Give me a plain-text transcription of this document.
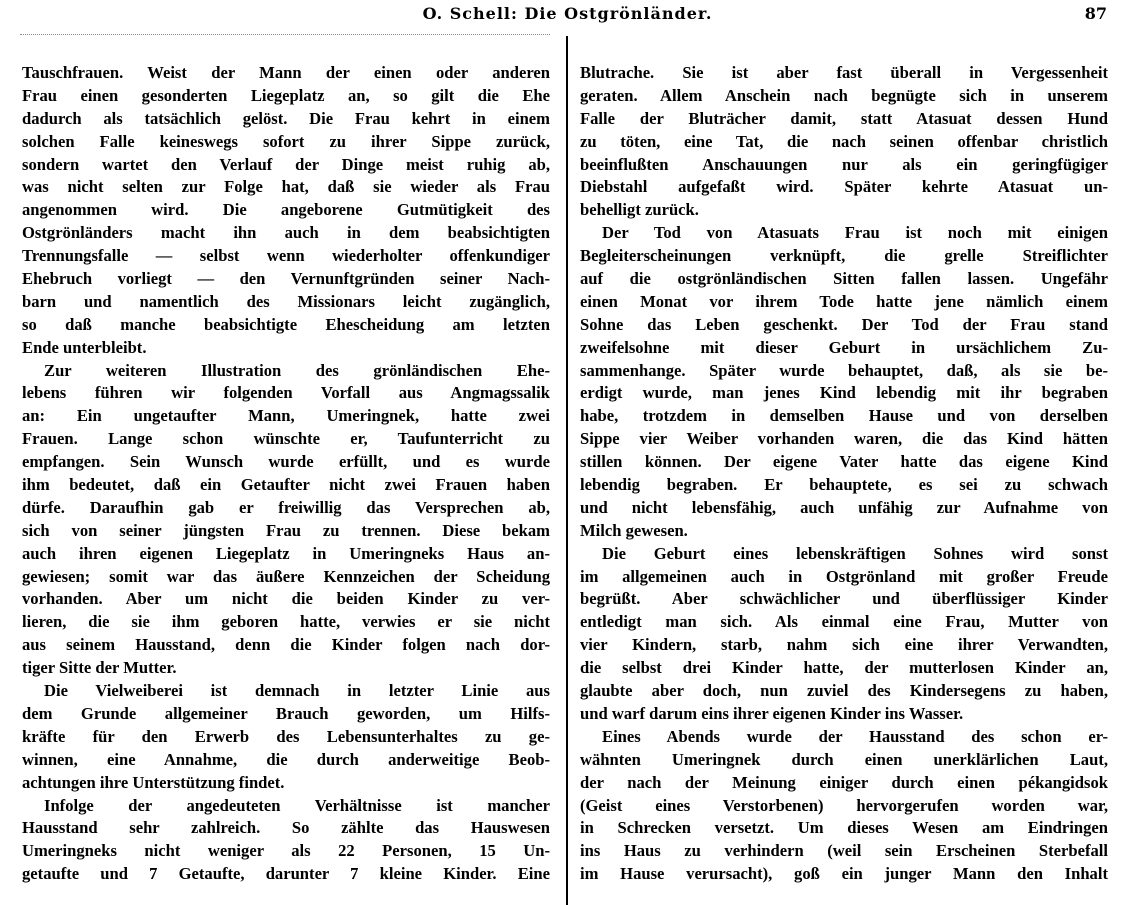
O. Schell: Die Ostgrönländer.	87
Tauschfrauen. Weist der Mann der einen oder anderen
Frau einen gesonderten Liegeplatz an, so gilt die Ehe
dadurch als tatsächlich gelöst. Die Frau kehrt in einem
solchen Falle keineswegs sofort zu ihrer Sippe zurück,
sondern wartet den Verlauf der Dinge meist ruhig ab,
was nicht selten zur Folge hat, daß sie wieder als Frau
angenommen wird. Die angeborene Gutmütigkeit des
Ostgrönländers macht ihn auch in dem beabsichtigten
Trennungsfalle — selbst wenn wiederholter offenkundiger
Ehebruch vorliegt — den Vernunftgründen seiner Nach-
barn und namentlich des Missionars leicht zugänglich,
so daß manche beabsichtigte Ehescheidung am letzten
Ende unterbleibt.
Zur weiteren Illustration des grönländischen Ehe-
lebens führen wir folgenden Vorfall aus Angmagssalik
an: Ein ungetaufter Mann, Umeringnek, hatte zwei
Frauen. Lange schon wünschte er, Taufunterricht zu
empfangen. Sein Wunsch wurde erfüllt, und es wurde
ihm bedeutet, daß ein Getaufter nicht zwei Frauen haben
dürfe. Daraufhin gab er freiwillig das Versprechen ab,
sich von seiner jüngsten Frau zu trennen. Diese bekam
auch ihren eigenen Liegeplatz in Umeringneks Haus an-
gewiesen; somit war das äußere Kennzeichen der Scheidung
vorhanden. Aber um nicht die beiden Kinder zu ver-
lieren, die sie ihm geboren hatte, verwies er sie nicht
aus seinem Hausstand, denn die Kinder folgen nach dor-
tiger Sitte der Mutter.
Die Vielweiberei ist demnach in letzter Linie aus
dem Grunde allgemeiner Brauch geworden, um Hilfs-
kräfte für den Erwerb des Lebensunterhaltes zu ge-
winnen, eine Annahme, die durch anderweitige Beob-
achtungen ihre Unterstützung findet.
Infolge der angedeuteten Verhältnisse ist mancher
Hausstand sehr zahlreich. So zählte das Hauswesen
Umeringneks nicht weniger als 22 Personen, 15 Un-
getaufte und 7 Getaufte, darunter 7 kleine Kinder. Eine
Blutrache. Sie ist aber fast überall in Vergessenheit
geraten. Allem Anschein nach begnügte sich in unserem
Falle der Bluträcher damit, statt Atasuat dessen Hund
zu töten, eine Tat, die nach seinen offenbar christlich
beeinflußten Anschauungen nur als ein geringfügiger
Diebstahl aufgefaßt wird. Später kehrte Atasuat un-
behelligt zurück.
Der Tod von Atasuats Frau ist noch mit einigen
Begleiterscheinungen verknüpft, die grelle Streiflichter
auf die ostgrönländischen Sitten fallen lassen. Ungefähr
einen Monat vor ihrem Tode hatte jene nämlich einem
Sohne das Leben geschenkt. Der Tod der Frau stand
zweifelsohne mit dieser Geburt in ursächlichem Zu-
sammenhange. Später wurde behauptet, daß, als sie be-
erdigt wurde, man jenes Kind lebendig mit ihr begraben
habe, trotzdem in demselben Hause und von derselben
Sippe vier Weiber vorhanden waren, die das Kind hätten
stillen können. Der eigene Vater hatte das eigene Kind
lebendig begraben. Er behauptete, es sei zu schwach
und nicht lebensfähig, auch unfähig zur Aufnahme von
Milch gewesen.
Die Geburt eines lebenskräftigen Sohnes wird sonst
im allgemeinen auch in Ostgrönland mit großer Freude
begrüßt. Aber schwächlicher und überflüssiger Kinder
entledigt man sich. Als einmal eine Frau, Mutter von
vier Kindern, starb, nahm sich eine ihrer Verwandten,
die selbst drei Kinder hatte, der mutterlosen Kinder an,
glaubte aber doch, nun zuviel des Kindersegens zu haben,
und warf darum eins ihrer eigenen Kinder ins Wasser.
Eines Abends wurde der Hausstand des schon er-
wähnten Umeringnek durch einen unerklärlichen Laut,
der nach der Meinung einiger durch einen pékangidsok
(Geist eines Verstorbenen) hervorgerufen worden war,
in Schrecken versetzt. Um dieses Wesen am Eindringen
ins Haus zu verhindern (weil sein Erscheinen Sterbefall
im Hause verursacht), goß ein junger Mann den Inhalt
